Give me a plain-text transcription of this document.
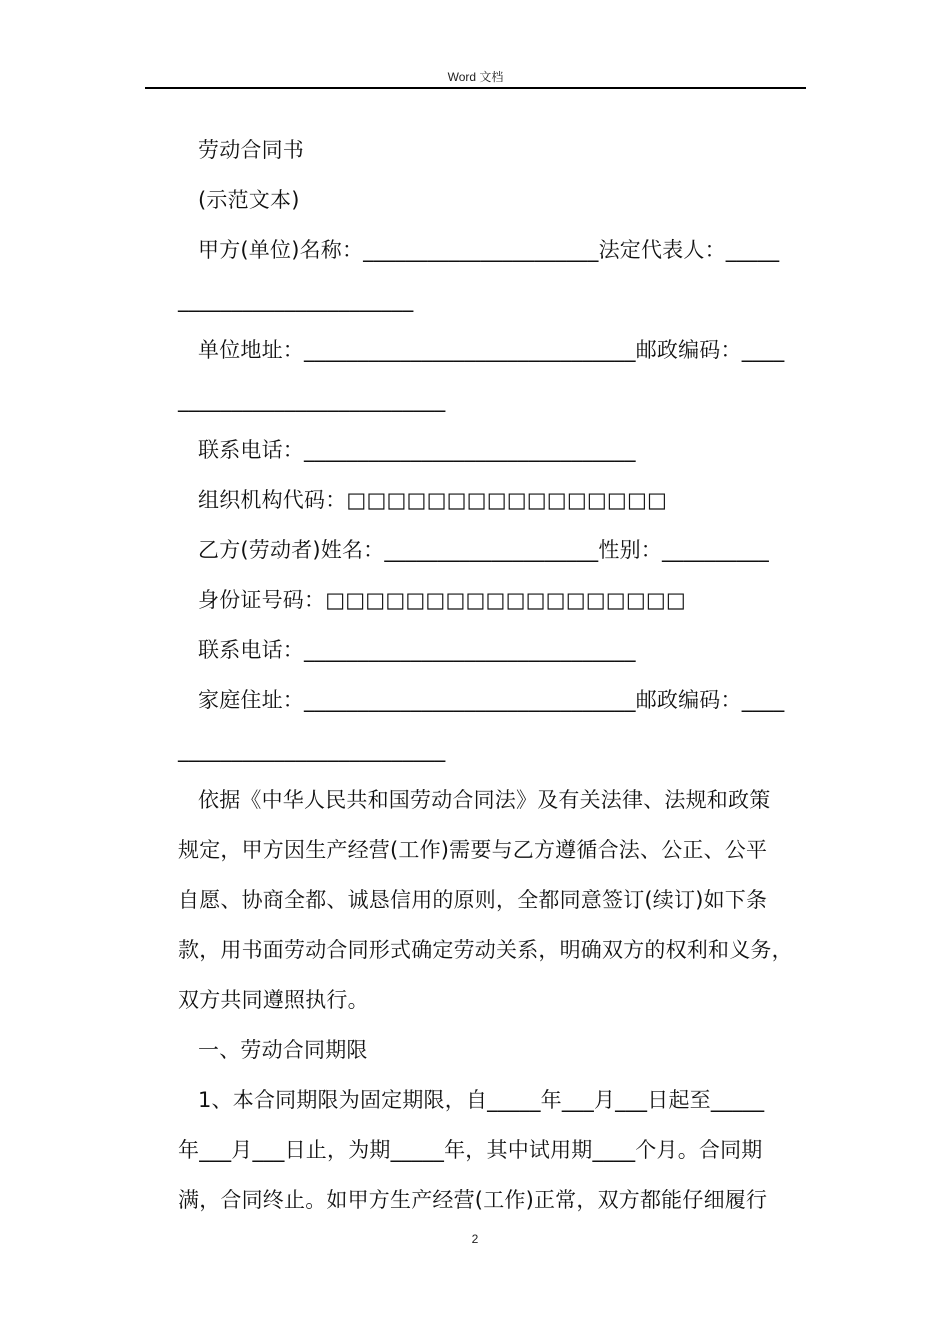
Word 文档
劳动合同书
(示范文本)
甲方(单位)名称：______________________法定代表人：_____
______________________
单位地址：_______________________________邮政编码：____
_________________________
联系电话：_______________________________
组织机构代码：□□□□□□□□□□□□□□□□
乙方(劳动者)姓名：____________________性别：__________
身份证号码：□□□□□□□□□□□□□□□□□□
联系电话：_______________________________
家庭住址：_______________________________邮政编码：____
_________________________
依据《中华人民共和国劳动合同法》及有关法律、法规和政策
规定，甲方因生产经营(工作)需要与乙方遵循合法、公正、公平
自愿、协商全都、诚恳信用的原则，全都同意签订(续订)如下条
款，用书面劳动合同形式确定劳动关系，明确双方的权利和义务，
双方共同遵照执行。
一、劳动合同期限
1、本合同期限为固定期限，自_____年___月___日起至_____
年___月___日止，为期_____年，其中试用期____个月。合同期
满，合同终止。如甲方生产经营(工作)正常，双方都能仔细履行
2
